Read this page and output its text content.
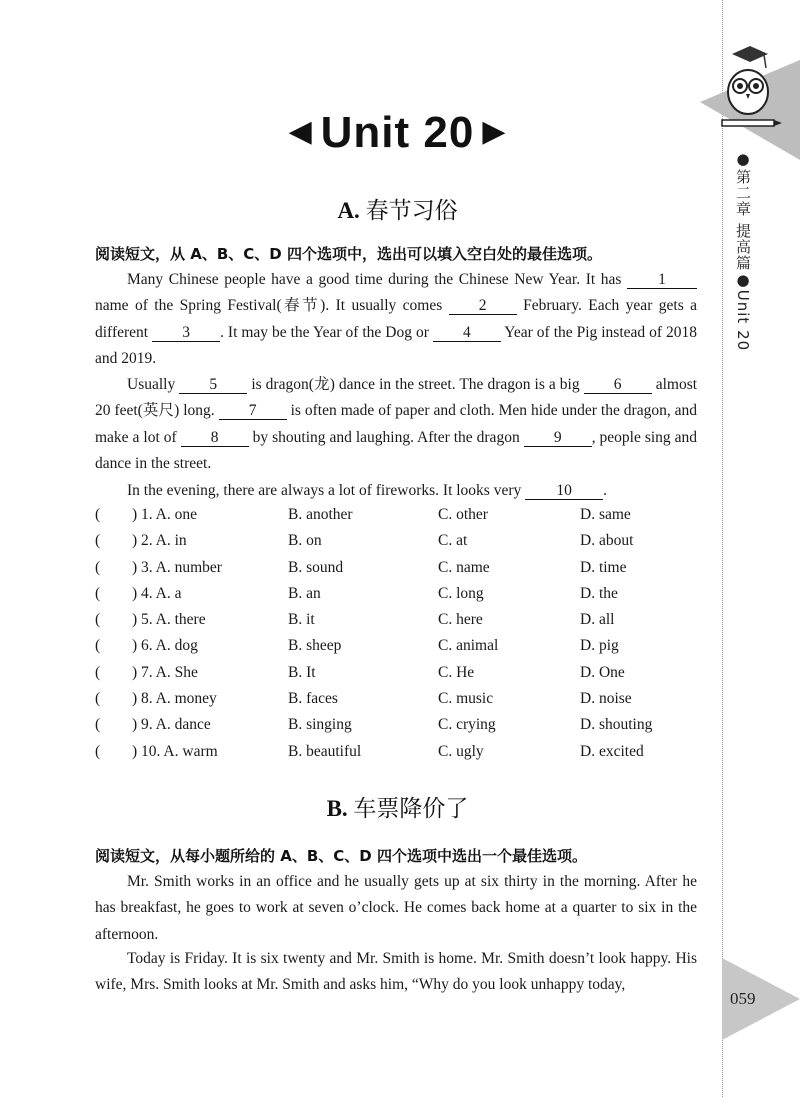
●第二章 提高篇●Unit 20
059
◀ Unit 20 ▶
A. 春节习俗
阅读短文，从 A、B、C、D 四个选项中，选出可以填入空白处的最佳选项。

Many Chinese people have a good time during the Chinese New Year. It has 1 name of the Spring Festival(春节). It usually comes 2 February. Each year gets a different 3 . It may be the Year of the Dog or 4 Year of the Pig instead of 2018 and 2019.

Usually 5 is dragon(龙) dance in the street. The dragon is a big 6 almost 20 feet(英尺) long. 7 is often made of paper and cloth. Men hide under the dragon, and make a lot of 8 by shouting and laughing. After the dragon 9 , people sing and dance in the street.

In the evening, there are always a lot of fireworks. It looks very 10 .

( ) 1. A. one	B. another	C. other	D. same
( ) 2. A. in	B. on	C. at	D. about
( ) 3. A. number	B. sound	C. name	D. time
( ) 4. A. a	B. an	C. long	D. the
( ) 5. A. there	B. it	C. here	D. all
( ) 6. A. dog	B. sheep	C. animal	D. pig
( ) 7. A. She	B. It	C. He	D. One
( ) 8. A. money	B. faces	C. music	D. noise
( ) 9. A. dance	B. singing	C. crying	D. shouting
( ) 10. A. warm	B. beautiful	C. ugly	D. excited
B. 车票降价了
阅读短文，从每小题所给的 A、B、C、D 四个选项中选出一个最佳选项。

Mr. Smith works in an office and he usually gets up at six thirty in the morning. After he has breakfast, he goes to work at seven o’clock. He comes back home at a quarter to six in the afternoon.

Today is Friday. It is six twenty and Mr. Smith is home. Mr. Smith doesn’t look happy. His wife, Mrs. Smith looks at Mr. Smith and asks him, “Why do you look unhappy today,
